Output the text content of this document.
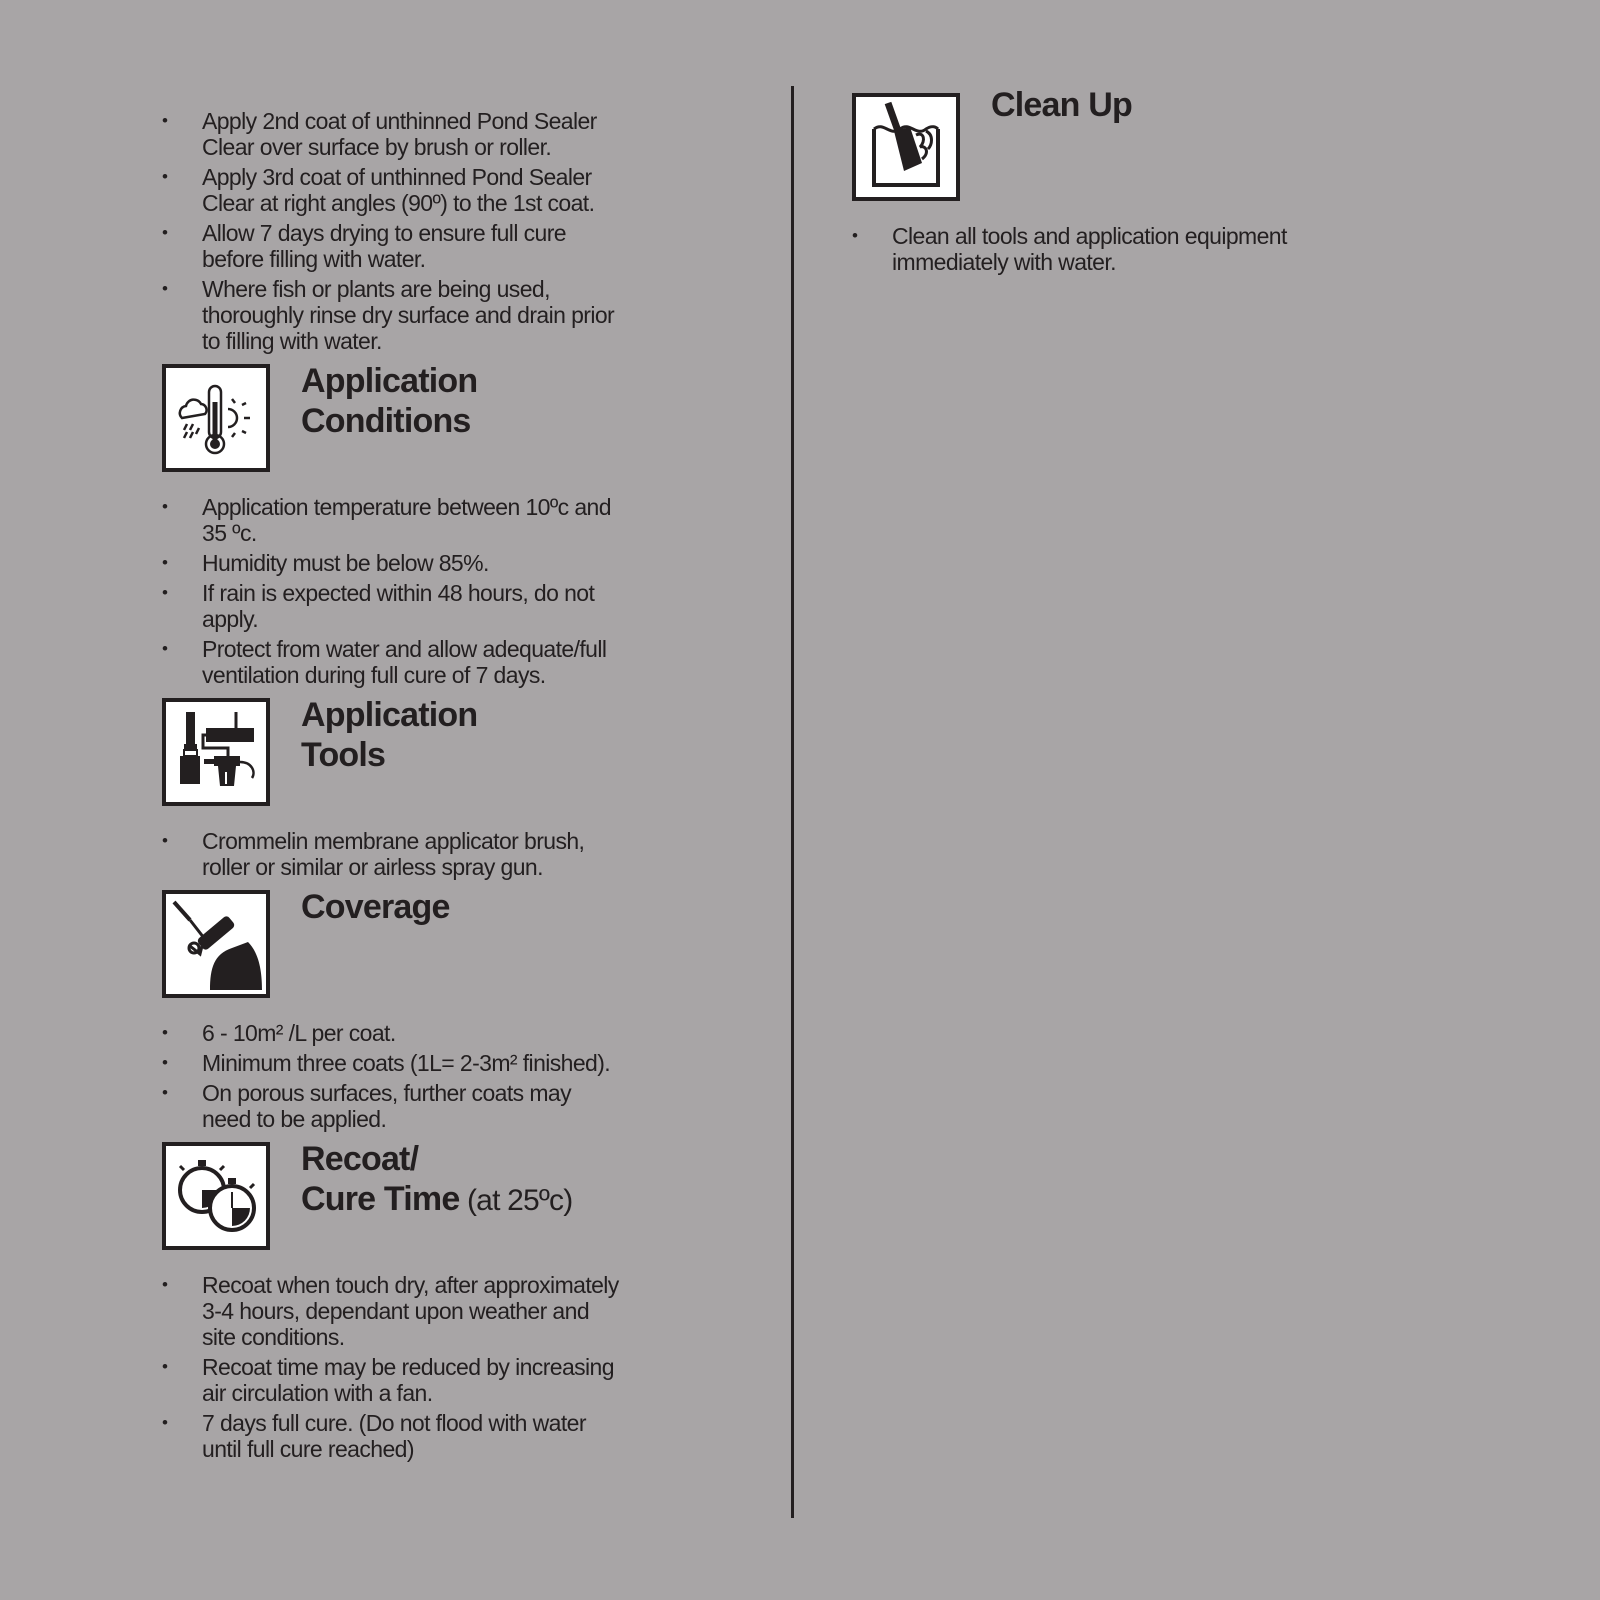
• Apply 2nd coat of unthinned Pond Sealer Clear over surface by brush or roller.
• Apply 3rd coat of unthinned Pond Sealer Clear at right angles (90º) to the 1st coat.
• Allow 7 days drying to ensure full cure before filling with water.
• Where fish or plants are being used, thoroughly rinse dry surface and drain prior to filling with water.
Application
Conditions
• Application temperature between 10ºc and 35 ºc.
• Humidity must be below 85%.
• If rain is expected within 48 hours, do not apply.
• Protect from water and allow adequate/full ventilation during full cure of 7 days.
Application
Tools
• Crommelin membrane applicator brush, roller or similar or airless spray gun.
Coverage
• 6 - 10m² /L per coat.
• Minimum three coats (1L= 2-3m² finished).
• On porous surfaces, further coats may need to be applied.
Recoat/
Cure Time (at 25ºc)
• Recoat when touch dry, after approximately 3-4 hours, dependant upon weather and site conditions.
• Recoat time may be reduced by increasing air circulation with a fan.
• 7 days full cure. (Do not flood with water until full cure reached)
Clean Up
• Clean all tools and application equipment immediately with water.
